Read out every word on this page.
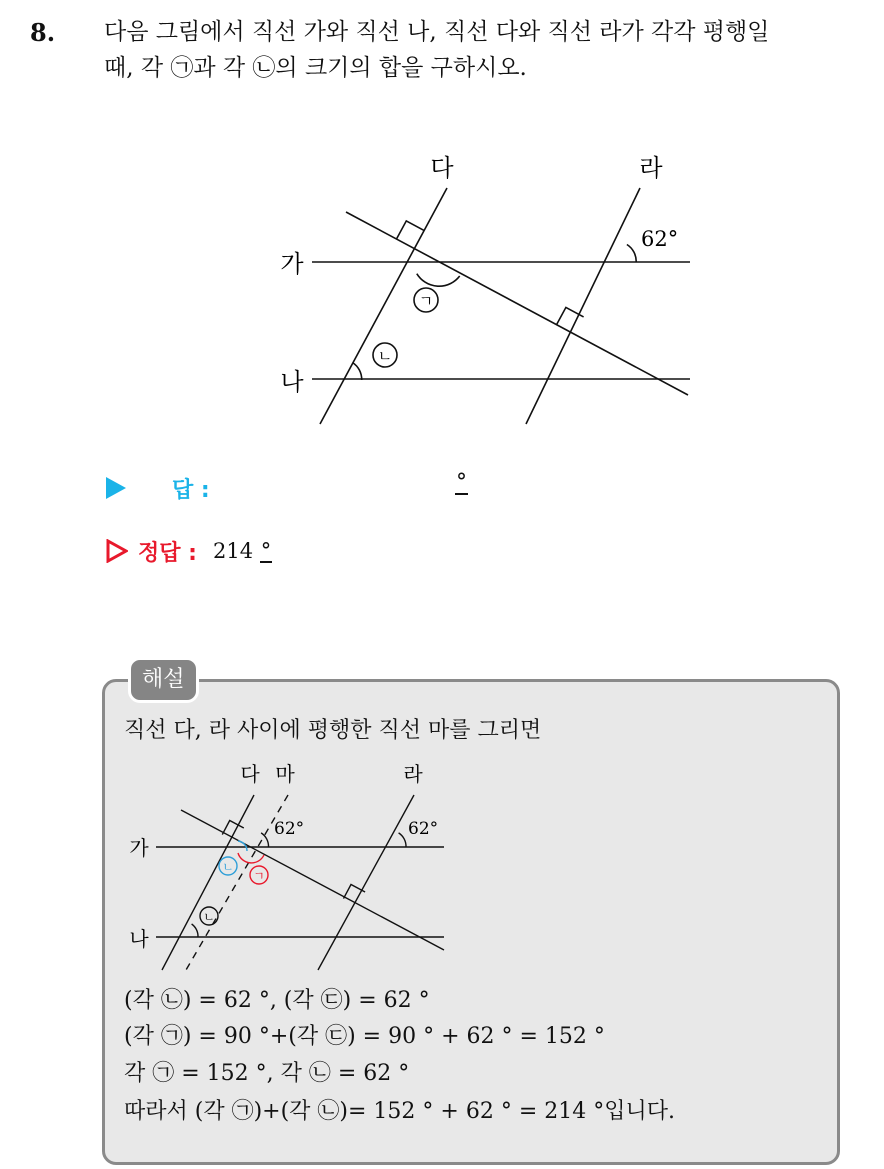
8. 다음 그림에서 직선 가와 직선 나, 직선 다와 직선 라가 각각 평행일
때, 각 ㉠과 각 ㉡의 크기의 합을 구하시오.
다	라
가
나
62°
ㄱ
ㄴ
답 :	°
정답 : 214 °
해설
직선 다, 라 사이에 평행한 직선 마를 그리면
다 마	라
가
나
62°	62°
ㄴ
ㄱ
ㄴ
(각 ㉡) = 62 °, (각 ㉢) = 62 °
(각 ㉠) = 90 °+(각 ㉢) = 90 ° + 62 ° = 152 °
각 ㉠ = 152 °, 각 ㉡ = 62 °
따라서 (각 ㉠)+(각 ㉡)= 152 ° + 62 ° = 214 °입니다.
